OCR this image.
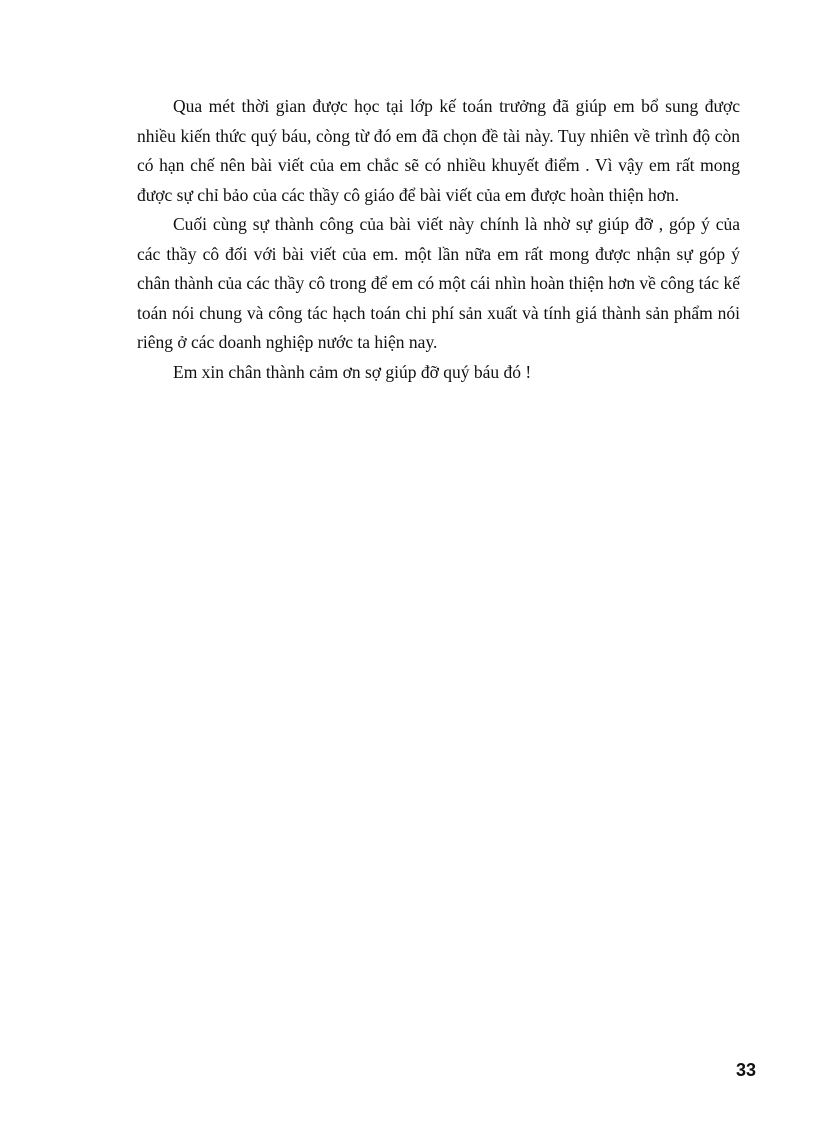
Qua mét thời gian được học tại lớp kế toán trưởng đã giúp em bổ sung được nhiều kiến thức quý báu, còng từ đó em đã chọn đề tài này. Tuy nhiên về trình độ còn có hạn chế nên bài viết của em chắc sẽ có nhiều khuyết điểm . Vì vậy em rất mong được sự chỉ bảo của các thầy cô giáo để bài viết của em được hoàn thiện hơn.

Cuối cùng sự thành công của bài viết này chính là nhờ sự giúp đỡ , góp ý của các thầy cô đối với bài viết của em. một lần nữa em rất mong được nhận sự góp ý chân thành của các thầy cô trong để em có một cái nhìn hoàn thiện hơn về công tác kế toán nói chung và công tác hạch toán chi phí sản xuất và tính giá thành sản phẩm nói riêng ở các doanh nghiệp nước ta hiện nay.

Em xin chân thành cảm ơn sợ giúp đỡ quý báu đó !

33
